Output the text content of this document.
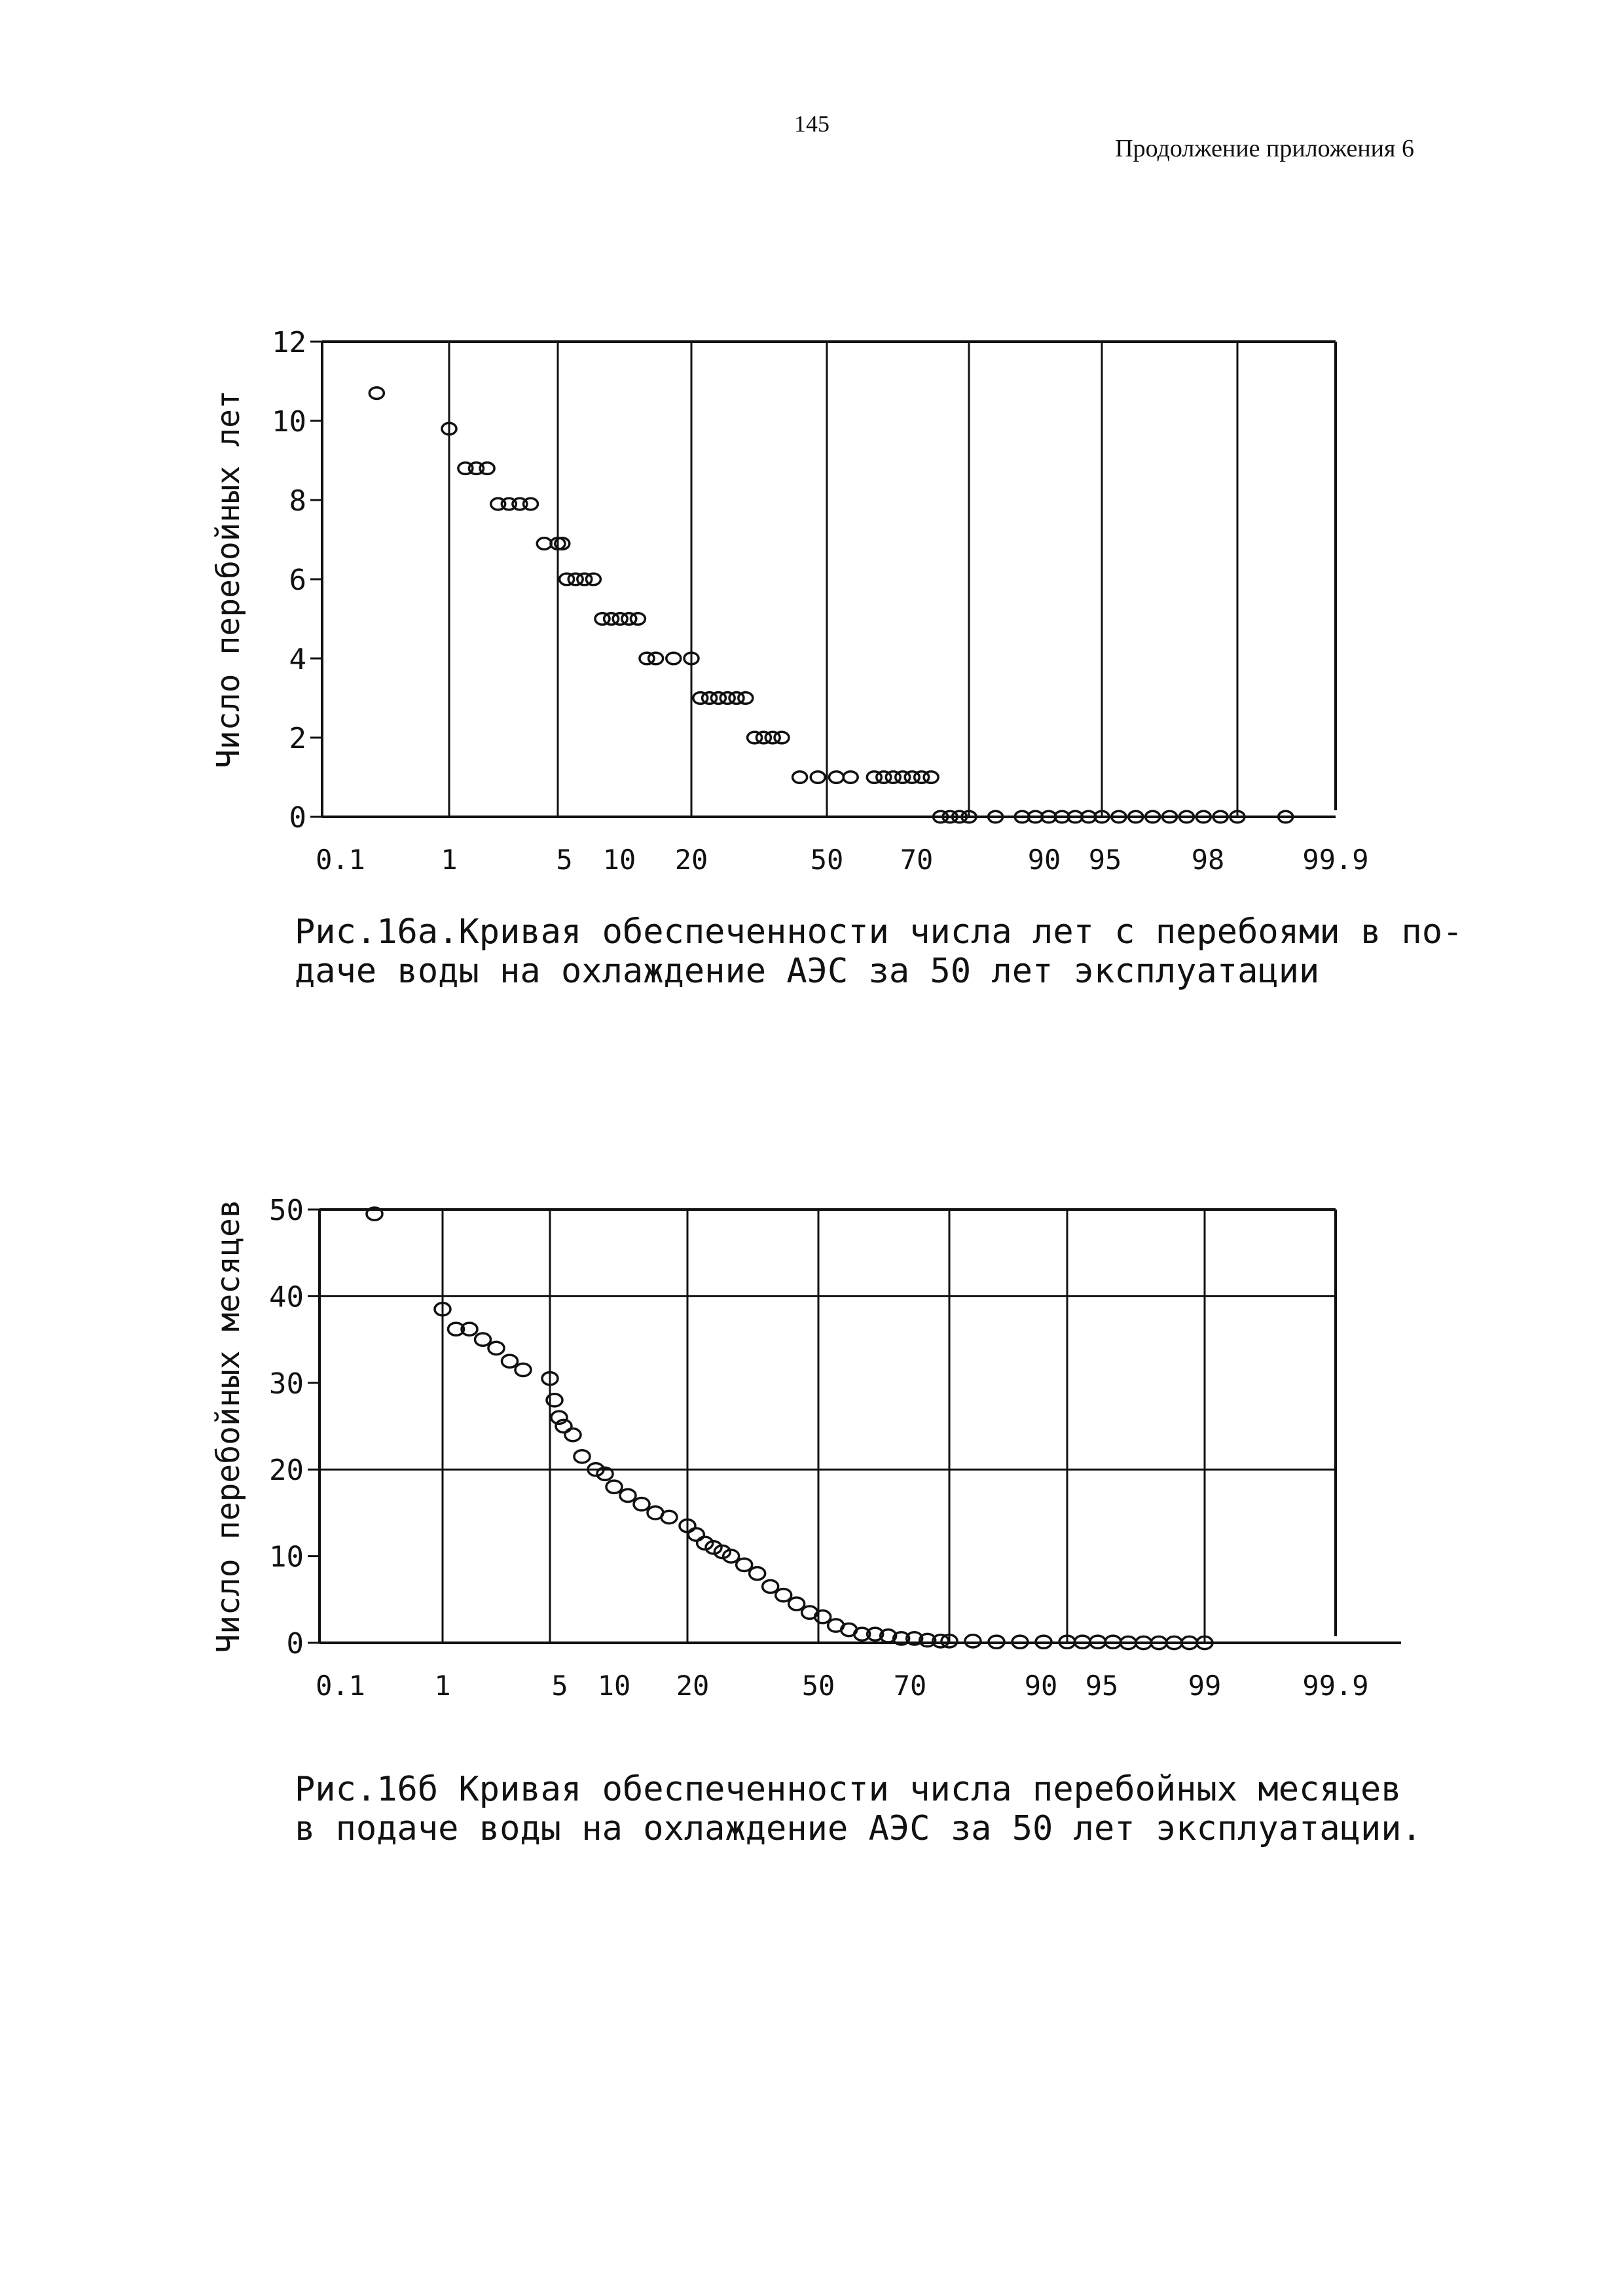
145
Продолжение приложения 6
0
2
4
6
8
10
12
0.1	1	5 10 20	50 70	90 95	98	99.9
Число перебойных лет
0
10
20
30
40
50
0.1	1	5 10 20	50 70	90 95	99	99.9
Число перебойных месяцев
Рис.16а.Кривая обеспеченности числа лет с перебоями в по-
даче воды на охлаждение АЭС за 50 лет эксплуатации
Рис.16б Кривая обеспеченности числа перебойных месяцев
в подаче воды на охлаждение АЭС за 50 лет эксплуатации.
